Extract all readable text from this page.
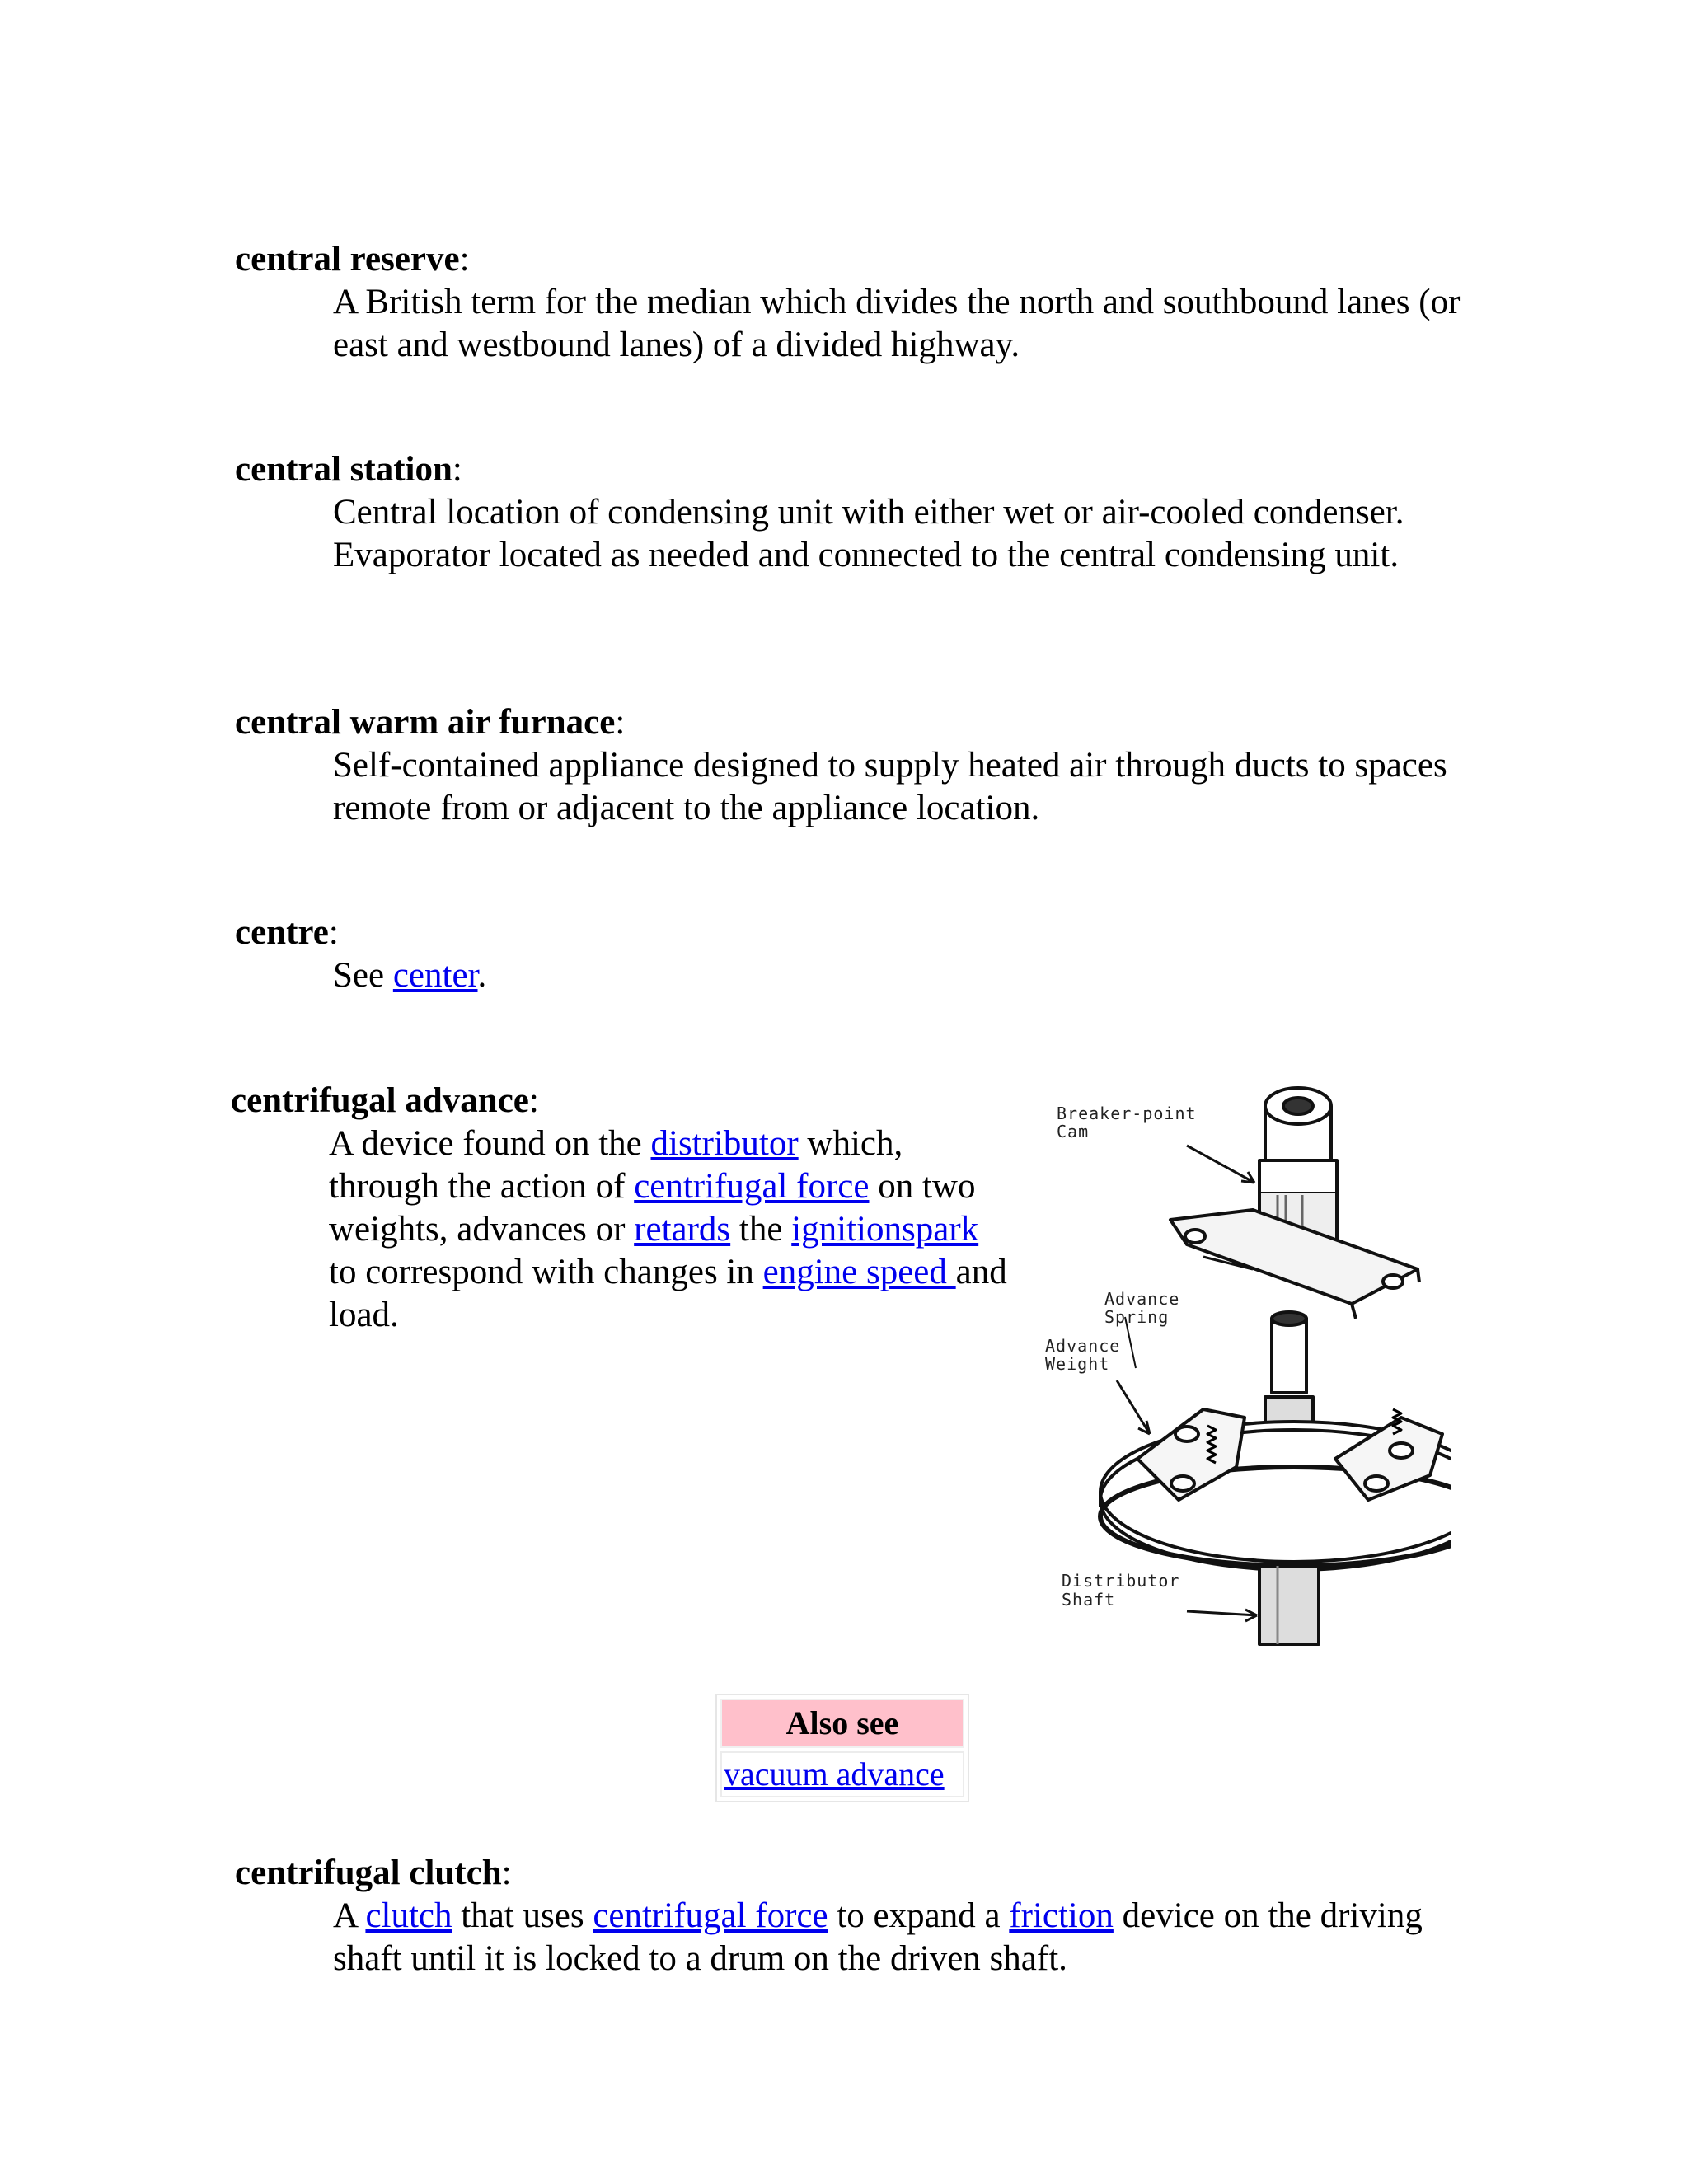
central reserve:
A British term for the median which divides the north and southbound lanes (or east and westbound lanes) of a divided highway.
central station:
Central location of condensing unit with either wet or air-cooled condenser. Evaporator located as needed and connected to the central condensing unit.
central warm air furnace:
Self-contained appliance designed to supply heated air through ducts to spaces remote from or adjacent to the appliance location.
centre:
See center.
centrifugal advance:
A device found on the distributor which, through the action of centrifugal force on two weights, advances or retards the ignitionspark to correspond with changes in engine speed and load.
Breaker-point
Cam
Advance
Spring
Advance
Weight
Distributor
Shaft
Also see
vacuum advance
centrifugal clutch:
A clutch that uses centrifugal force to expand a friction device on the driving shaft until it is locked to a drum on the driven shaft.
